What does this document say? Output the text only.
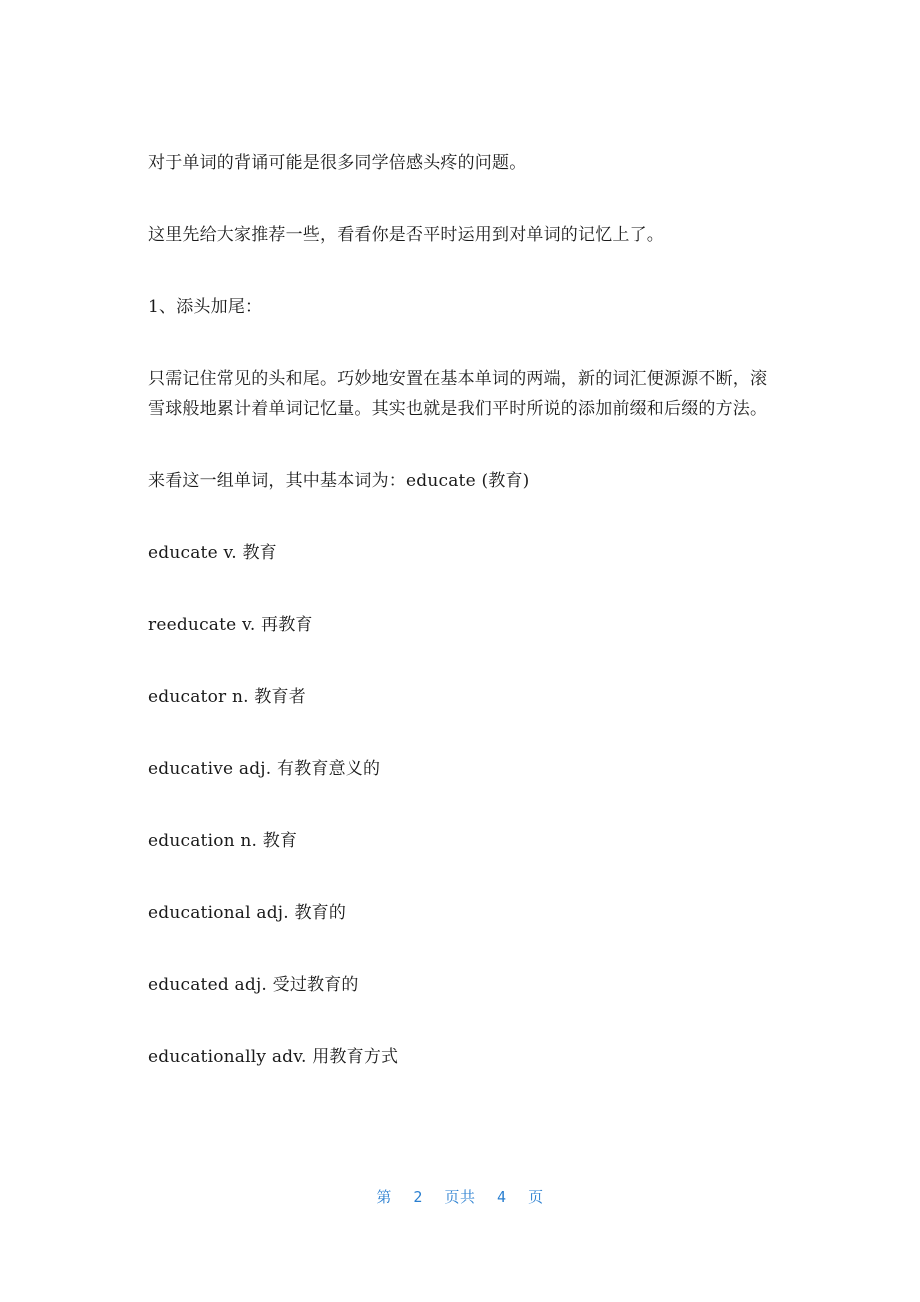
对于单词的背诵可能是很多同学倍感头疼的问题。

这里先给大家推荐一些，看看你是否平时运用到对单词的记忆上了。

1、添头加尾：

只需记住常见的头和尾。巧妙地安置在基本单词的两端，新的词汇便源源不断，滚雪球般地累计着单词记忆量。其实也就是我们平时所说的添加前缀和后缀的方法。

来看这一组单词，其中基本词为：educate (教育)

educate v. 教育

reeducate v. 再教育

educator n. 教育者

educative adj. 有教育意义的

education n. 教育

educational adj. 教育的

educated adj. 受过教育的

educationally adv. 用教育方式

第 2 页共 4 页
